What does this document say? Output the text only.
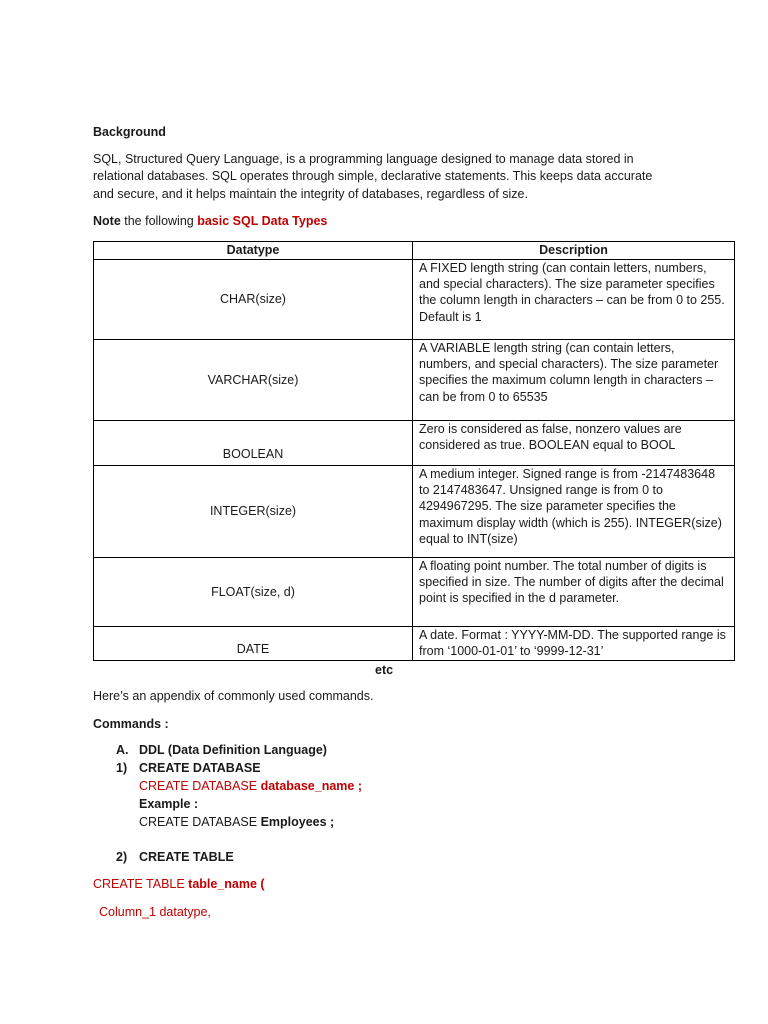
Background
SQL, Structured Query Language, is a programming language designed to manage data stored in
relational databases. SQL operates through simple, declarative statements. This keeps data accurate
and secure, and it helps maintain the integrity of databases, regardless of size.
Note the following basic SQL Data Types
Datatype	Description
CHAR(size)	A FIXED length string (can contain letters, numbers, and special characters). The size parameter specifies the column length in characters – can be from 0 to 255. Default is 1
VARCHAR(size)	A VARIABLE length string (can contain letters, numbers, and special characters). The size parameter specifies the maximum column length in characters – can be from 0 to 65535
BOOLEAN	Zero is considered as false, nonzero values are considered as true. BOOLEAN equal to BOOL
INTEGER(size)	A medium integer. Signed range is from -2147483648 to 2147483647. Unsigned range is from 0 to 4294967295. The size parameter specifies the maximum display width (which is 255). INTEGER(size) equal to INT(size)
FLOAT(size, d)	A floating point number. The total number of digits is specified in size. The number of digits after the decimal point is specified in the d parameter.
DATE	A date. Format : YYYY-MM-DD. The supported range is from ‘1000-01-01’ to ‘9999-12-31’
etc
Here’s an appendix of commonly used commands.
Commands :
A. DDL (Data Definition Language)
1) CREATE DATABASE
CREATE DATABASE database_name ;
Example :
CREATE DATABASE Employees ;
2) CREATE TABLE
CREATE TABLE table_name (
Column_1 datatype,
